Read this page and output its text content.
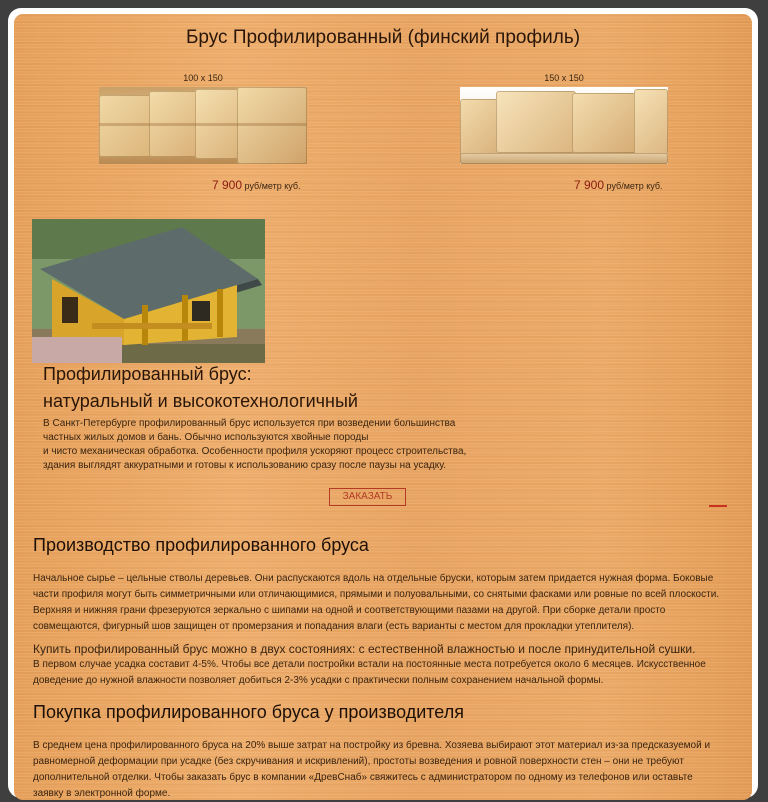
Брус Профилированный (финский профиль)
100 x 150
7 900 руб/метр куб.
150 x 150
7 900 руб/метр куб.
Профилированный брус:
натуральный и высокотехнологичный
В Санкт-Петербурге профилированный брус используется при возведении большинства
частных жилых домов и бань. Обычно используются хвойные породы
и чисто механическая обработка. Особенности профиля ускоряют процесс строительства,
здания выглядят аккуратными и готовы к использованию сразу после паузы на усадку.
ЗАКАЗАТЬ
Производство профилированного бруса
Начальное сырье – цельные стволы деревьев. Они распускаются вдоль на отдельные бруски, которым затем придается нужная форма. Боковые
части профиля могут быть симметричными или отличающимися, прямыми и полуовальными, со снятыми фасками или ровные по всей плоскости.
Верхняя и нижняя грани фрезеруются зеркально с шипами на одной и соответствующими пазами на другой. При сборке детали просто
совмещаются, фигурный шов защищен от промерзания и попадания влаги (есть варианты с местом для прокладки утеплителя).
Купить профилированный брус можно в двух состояниях: с естественной влажностью и после принудительной сушки.
В первом случае усадка составит 4-5%. Чтобы все детали постройки встали на постоянные места потребуется около 6 месяцев. Искусственное
доведение до нужной влажности позволяет добиться 2-3% усадки с практически полным сохранением начальной формы.
Покупка профилированного бруса у производителя
В среднем цена профилированного бруса на 20% выше затрат на постройку из бревна. Хозяева выбирают этот материал из-за предсказуемой и
равномерной деформации при усадке (без скручивания и искривлений), простоты возведения и ровной поверхности стен – они не требуют
дополнительной отделки. Чтобы заказать брус в компании «ДревСнаб» свяжитесь с администратором по одному из телефонов или оставьте
заявку в электронной форме.
